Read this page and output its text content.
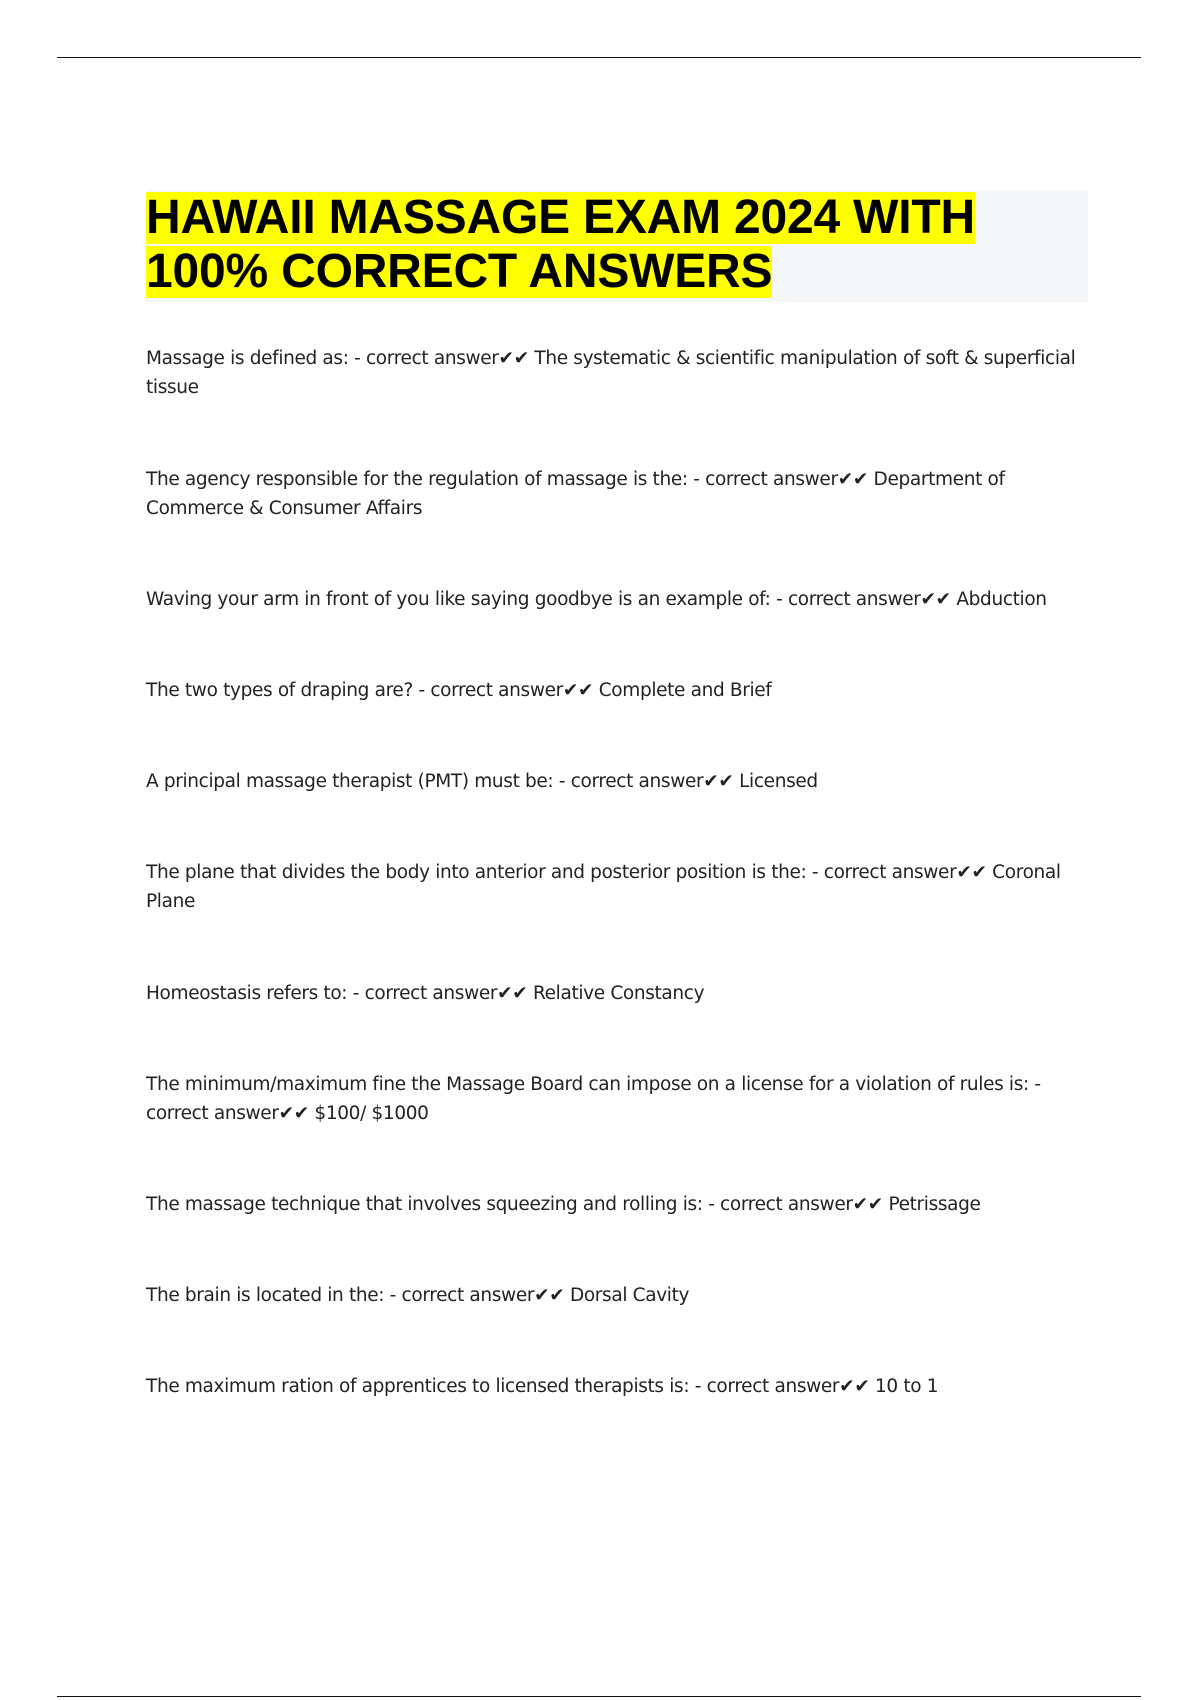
HAWAII MASSAGE EXAM 2024 WITH
100% CORRECT ANSWERS

Massage is defined as: - correct answer✔✔ The systematic & scientific manipulation of soft & superficial tissue

The agency responsible for the regulation of massage is the: - correct answer✔✔ Department of Commerce & Consumer Affairs

Waving your arm in front of you like saying goodbye is an example of: - correct answer✔✔ Abduction

The two types of draping are? - correct answer✔✔ Complete and Brief

A principal massage therapist (PMT) must be: - correct answer✔✔ Licensed

The plane that divides the body into anterior and posterior position is the: - correct answer✔✔ Coronal Plane

Homeostasis refers to: - correct answer✔✔ Relative Constancy

The minimum/maximum fine the Massage Board can impose on a license for a violation of rules is: - correct answer✔✔ $100/ $1000

The massage technique that involves squeezing and rolling is: - correct answer✔✔ Petrissage

The brain is located in the: - correct answer✔✔ Dorsal Cavity

The maximum ration of apprentices to licensed therapists is: - correct answer✔✔ 10 to 1
